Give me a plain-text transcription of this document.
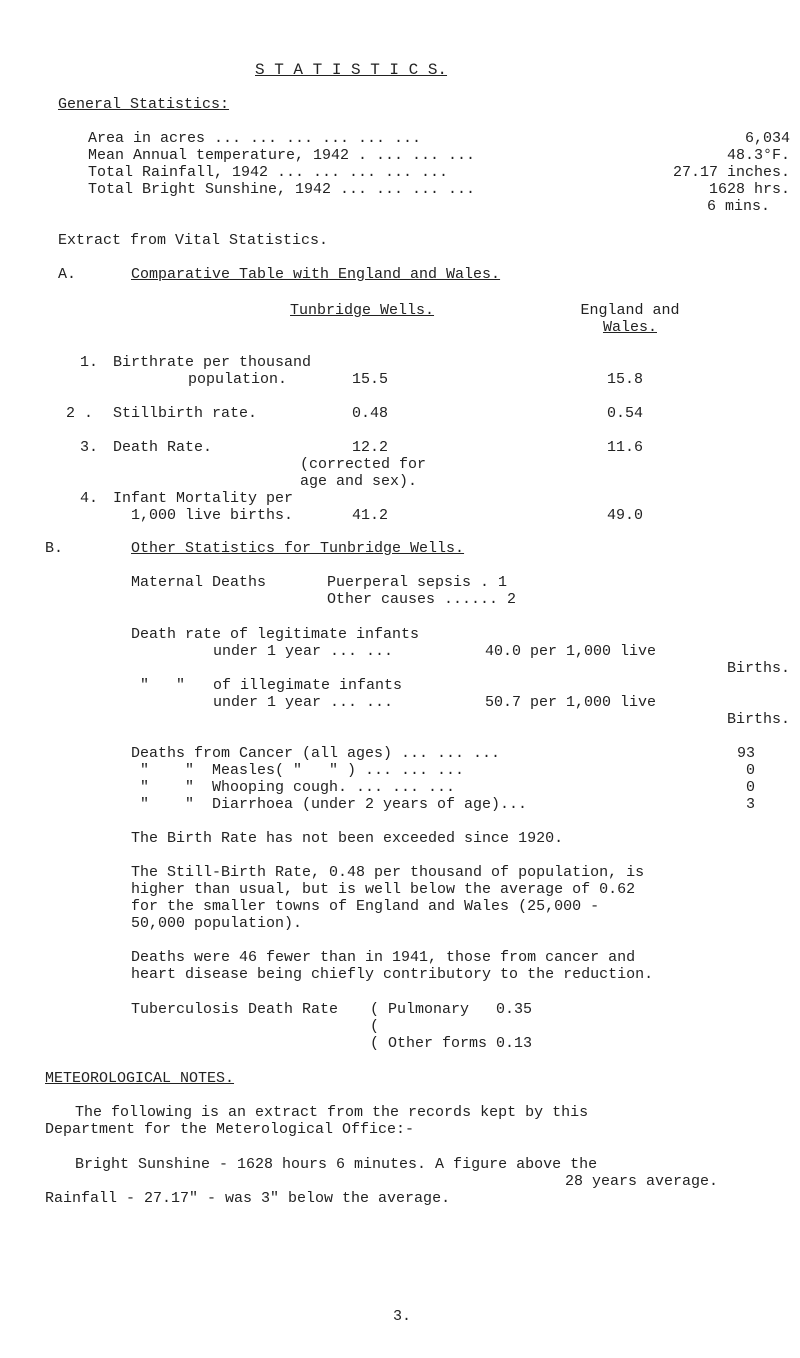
S T A T I S T I C S.
General Statistics:
Area in acres ... ... ... ... ... ...	6,034
Mean Annual temperature, 1942 . ... ... ...	48.3°F.
Total Rainfall, 1942 ... ... ... ... ...	27.17 inches.
Total Bright Sunshine, 1942 ... ... ... ...	1628 hrs.
6 mins.
Extract from Vital Statistics.
A.	Comparative Table with England and Wales.
Tunbridge Wells.	England and
Wales.
1. Birthrate per thousand
population.	15.5	15.8
2 . Stillbirth rate.	0.48	0.54
3. Death Rate.	12.2	11.6
(corrected for
age and sex).
4. Infant Mortality per
1,000 live births.	41.2	49.0
B.	Other Statistics for Tunbridge Wells.
Maternal Deaths	Puerperal sepsis . 1
Other causes ...... 2
Death rate of legitimate infants
under 1 year ... ...	40.0 per 1,000 live
Births.
"   " of illegimate infants
under 1 year ... ...	50.7 per 1,000 live
Births.
Deaths from Cancer (all ages) ... ... ...	93
"    "  Measles( "   " ) ... ... ...	0
"    "  Whooping cough. ... ... ...	0
"    "  Diarrhoea (under 2 years of age)...	3
The Birth Rate has not been exceeded since 1920.
The Still-Birth Rate, 0.48 per thousand of population, is
higher than usual, but is well below the average of 0.62
for the smaller towns of England and Wales (25,000 -
50,000 population).
Deaths were 46 fewer than in 1941, those from cancer and
heart disease being chiefly contributory to the reduction.
Tuberculosis Death Rate ( Pulmonary   0.35
(
( Other forms 0.13
METEOROLOGICAL NOTES.
The following is an extract from the records kept by this
Department for the Meterological Office:-
Bright Sunshine - 1628 hours 6 minutes. A figure above the
28 years average.
Rainfall - 27.17" - was 3" below the average.
3.
